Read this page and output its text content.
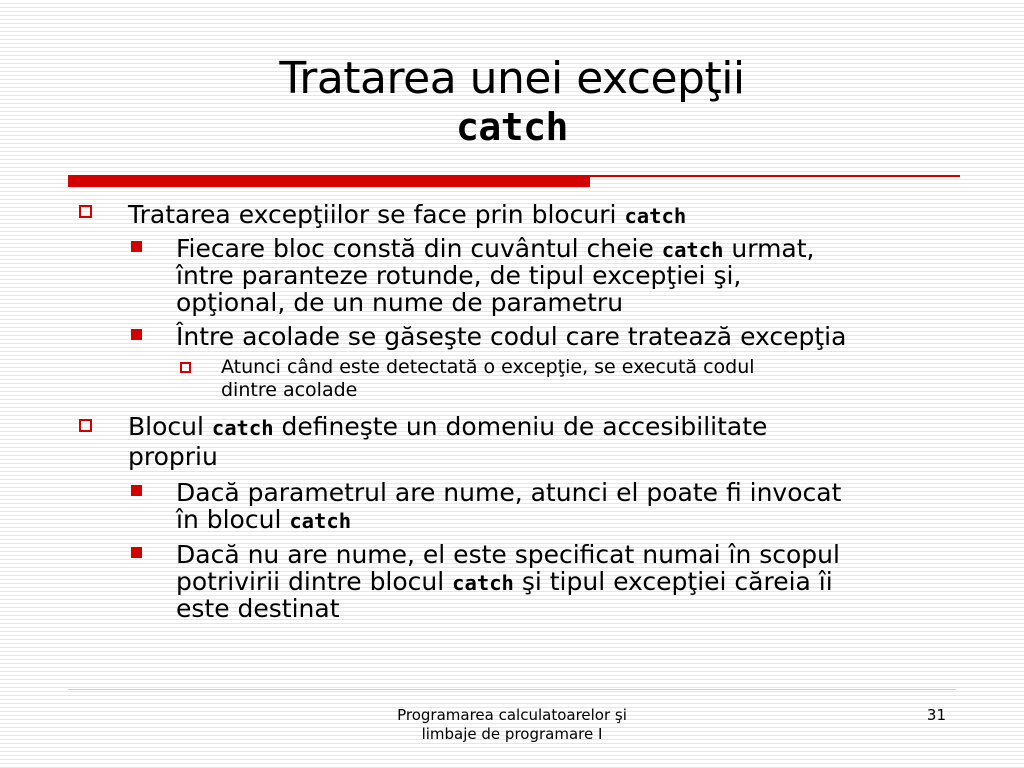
Tratarea unei excepţii
catch
Tratarea excepţiilor se face prin blocuri catch
Fiecare bloc constă din cuvântul cheie catch urmat,
între paranteze rotunde, de tipul excepţiei şi,
opţional, de un nume de parametru
Între acolade se găseşte codul care tratează excepţia
Atunci când este detectată o excepţie, se execută codul
dintre acolade
Blocul catch defineşte un domeniu de accesibilitate
propriu
Dacă parametrul are nume, atunci el poate fi invocat
în blocul catch
Dacă nu are nume, el este specificat numai în scopul
potrivirii dintre blocul catch şi tipul excepţiei căreia îi
este destinat
Programarea calculatoarelor şi
limbaje de programare I
31
